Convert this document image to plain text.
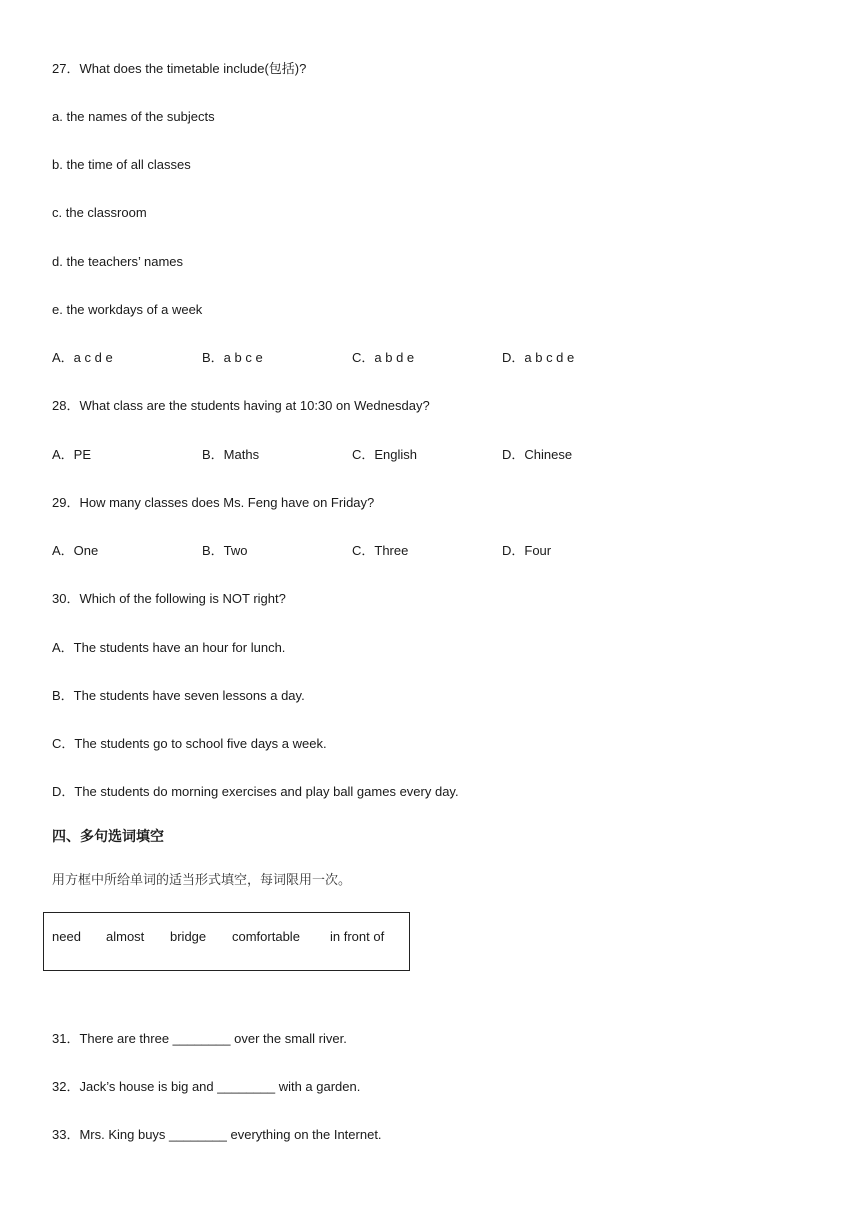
27．What does the timetable include(包括)?
a. the names of the subjects
b. the time of all classes
c. the classroom
d. the teachers’ names
e. the workdays of a week
A．a c d e	B．a b c e	C．a b d e	D．a b c d e
28．What class are the students having at 10:30 on Wednesday?
A．PE	B．Maths	C．English	D．Chinese
29．How many classes does Ms. Feng have on Friday?
A．One	B．Two	C．Three	D．Four
30．Which of the following is NOT right?
A．The students have an hour for lunch.
B．The students have seven lessons a day.
C．The students go to school five days a week.
D．The students do morning exercises and play ball games every day.
四、多句选词填空
用方框中所给单词的适当形式填空，每词限用一次。
need almost bridge comfortable in front of
31．There are three ________ over the small river.
32．Jack’s house is big and ________ with a garden.
33．Mrs. King buys ________ everything on the Internet.
